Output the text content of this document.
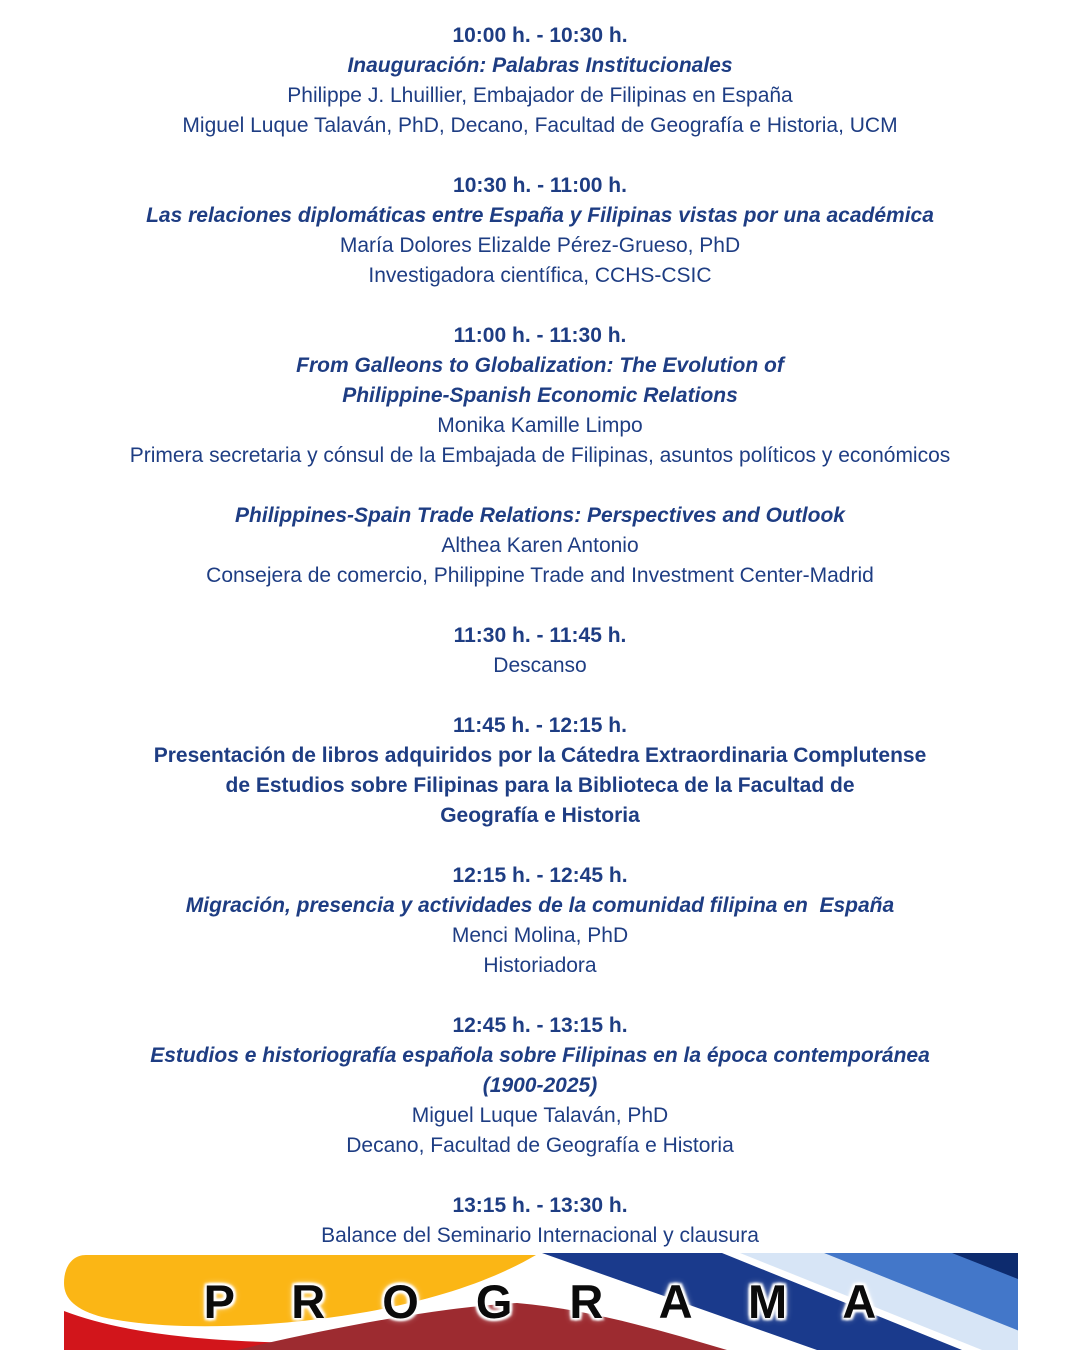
10:00 h. - 10:30 h.
Inauguración: Palabras Institucionales
Philippe J. Lhuillier, Embajador de Filipinas en España
Miguel Luque Talaván, PhD, Decano, Facultad de Geografía e Historia, UCM
10:30 h. - 11:00 h.
Las relaciones diplomáticas entre España y Filipinas vistas por una académica
María Dolores Elizalde Pérez-Grueso, PhD
Investigadora científica, CCHS-CSIC
11:00 h. - 11:30 h.
From Galleons to Globalization: The Evolution of
Philippine-Spanish Economic Relations
Monika Kamille Limpo
Primera secretaria y cónsul de la Embajada de Filipinas, asuntos políticos y económicos
Philippines-Spain Trade Relations: Perspectives and Outlook
Althea Karen Antonio
Consejera de comercio, Philippine Trade and Investment Center-Madrid
11:30 h. - 11:45 h.
Descanso
11:45 h. - 12:15 h.
Presentación de libros adquiridos por la Cátedra Extraordinaria Complutense
de Estudios sobre Filipinas para la Biblioteca de la Facultad de
Geografía e Historia
12:15 h. - 12:45 h.
Migración, presencia y actividades de la comunidad filipina en  España
Menci Molina, PhD
Historiadora
12:45 h. - 13:15 h.
Estudios e historiografía española sobre Filipinas en la época contemporánea
(1900-2025)
Miguel Luque Talaván, PhD
Decano, Facultad de Geografía e Historia
13:15 h. - 13:30 h.
Balance del Seminario Internacional y clausura
P R O G R A M A
